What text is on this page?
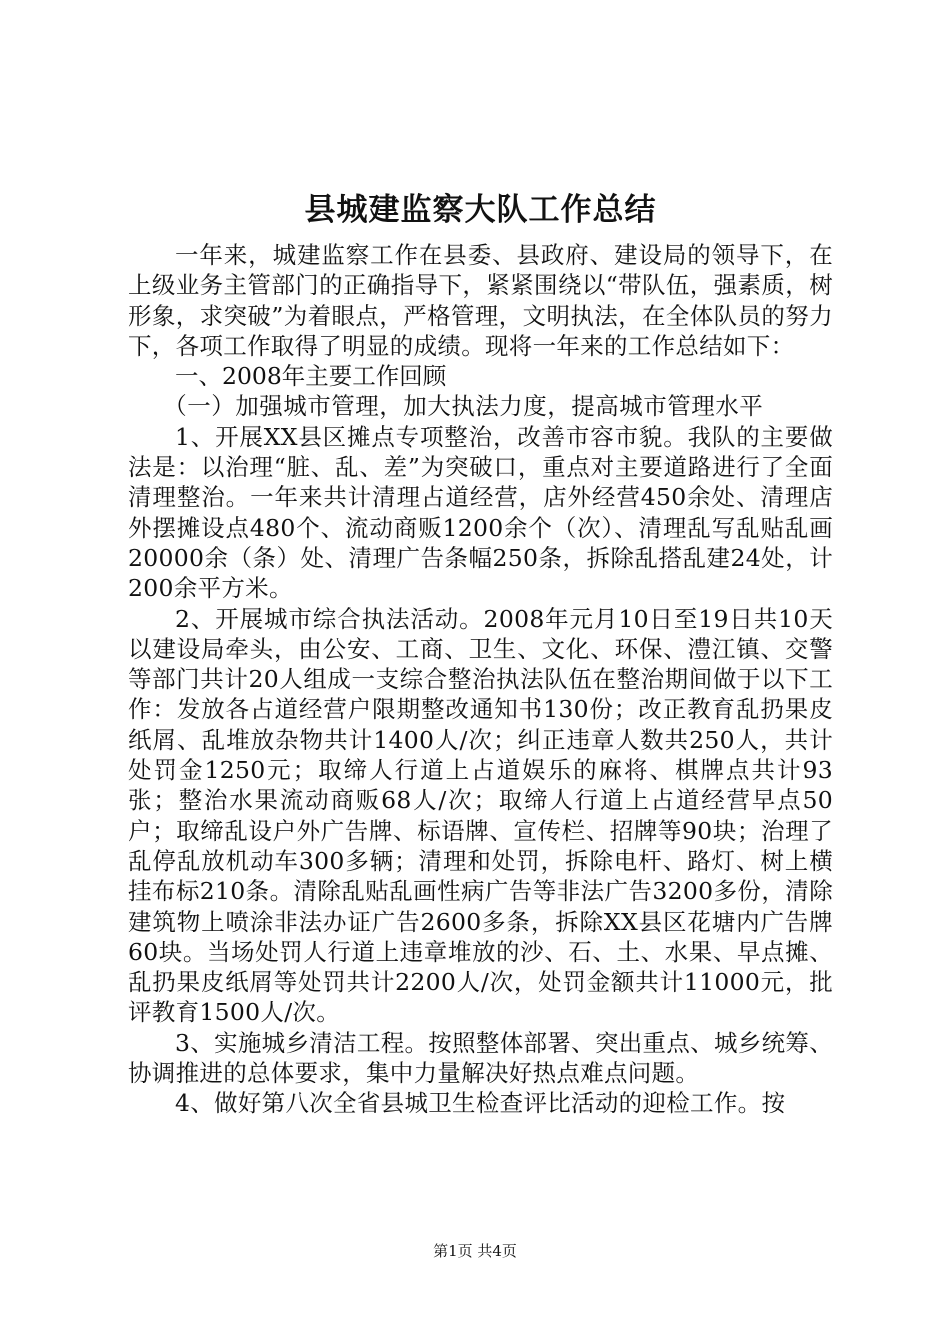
县城建监察大队工作总结

一年来，城建监察工作在县委、县政府、建设局的领导下，在上级业务主管部门的正确指导下，紧紧围绕以“带队伍，强素质，树形象，求突破”为着眼点，严格管理，文明执法，在全体队员的努力下，各项工作取得了明显的成绩。现将一年来的工作总结如下：

一、2008年主要工作回顾

（一）加强城市管理，加大执法力度，提高城市管理水平

1、开展XX县区摊点专项整治，改善市容市貌。我队的主要做法是：以治理“脏、乱、差”为突破口，重点对主要道路进行了全面清理整治。一年来共计清理占道经营，店外经营450余处、清理店外摆摊设点480个、流动商贩1200余个（次）、清理乱写乱贴乱画20000余（条）处、清理广告条幅250条，拆除乱搭乱建24处，计200余平方米。

2、开展城市综合执法活动。2008年元月10日至19日共10天以建设局牵头，由公安、工商、卫生、文化、环保、澧江镇、交警等部门共计20人组成一支综合整治执法队伍在整治期间做于以下工作：发放各占道经营户限期整改通知书130份；改正教育乱扔果皮纸屑、乱堆放杂物共计1400人/次；纠正违章人数共250人，共计处罚金1250元；取缔人行道上占道娱乐的麻将、棋牌点共计93张；整治水果流动商贩68人/次；取缔人行道上占道经营早点50户；取缔乱设户外广告牌、标语牌、宣传栏、招牌等90块；治理了乱停乱放机动车300多辆；清理和处罚，拆除电杆、路灯、树上横挂布标210条。清除乱贴乱画性病广告等非法广告3200多份，清除建筑物上喷涂非法办证广告2600多条，拆除XX县区花塘内广告牌60块。当场处罚人行道上违章堆放的沙、石、土、水果、早点摊、乱扔果皮纸屑等处罚共计2200人/次，处罚金额共计11000元，批评教育1500人/次。

3、实施城乡清洁工程。按照整体部署、突出重点、城乡统筹、协调推进的总体要求，集中力量解决好热点难点问题。

4、做好第八次全省县城卫生检查评比活动的迎检工作。按

第1页 共4页
